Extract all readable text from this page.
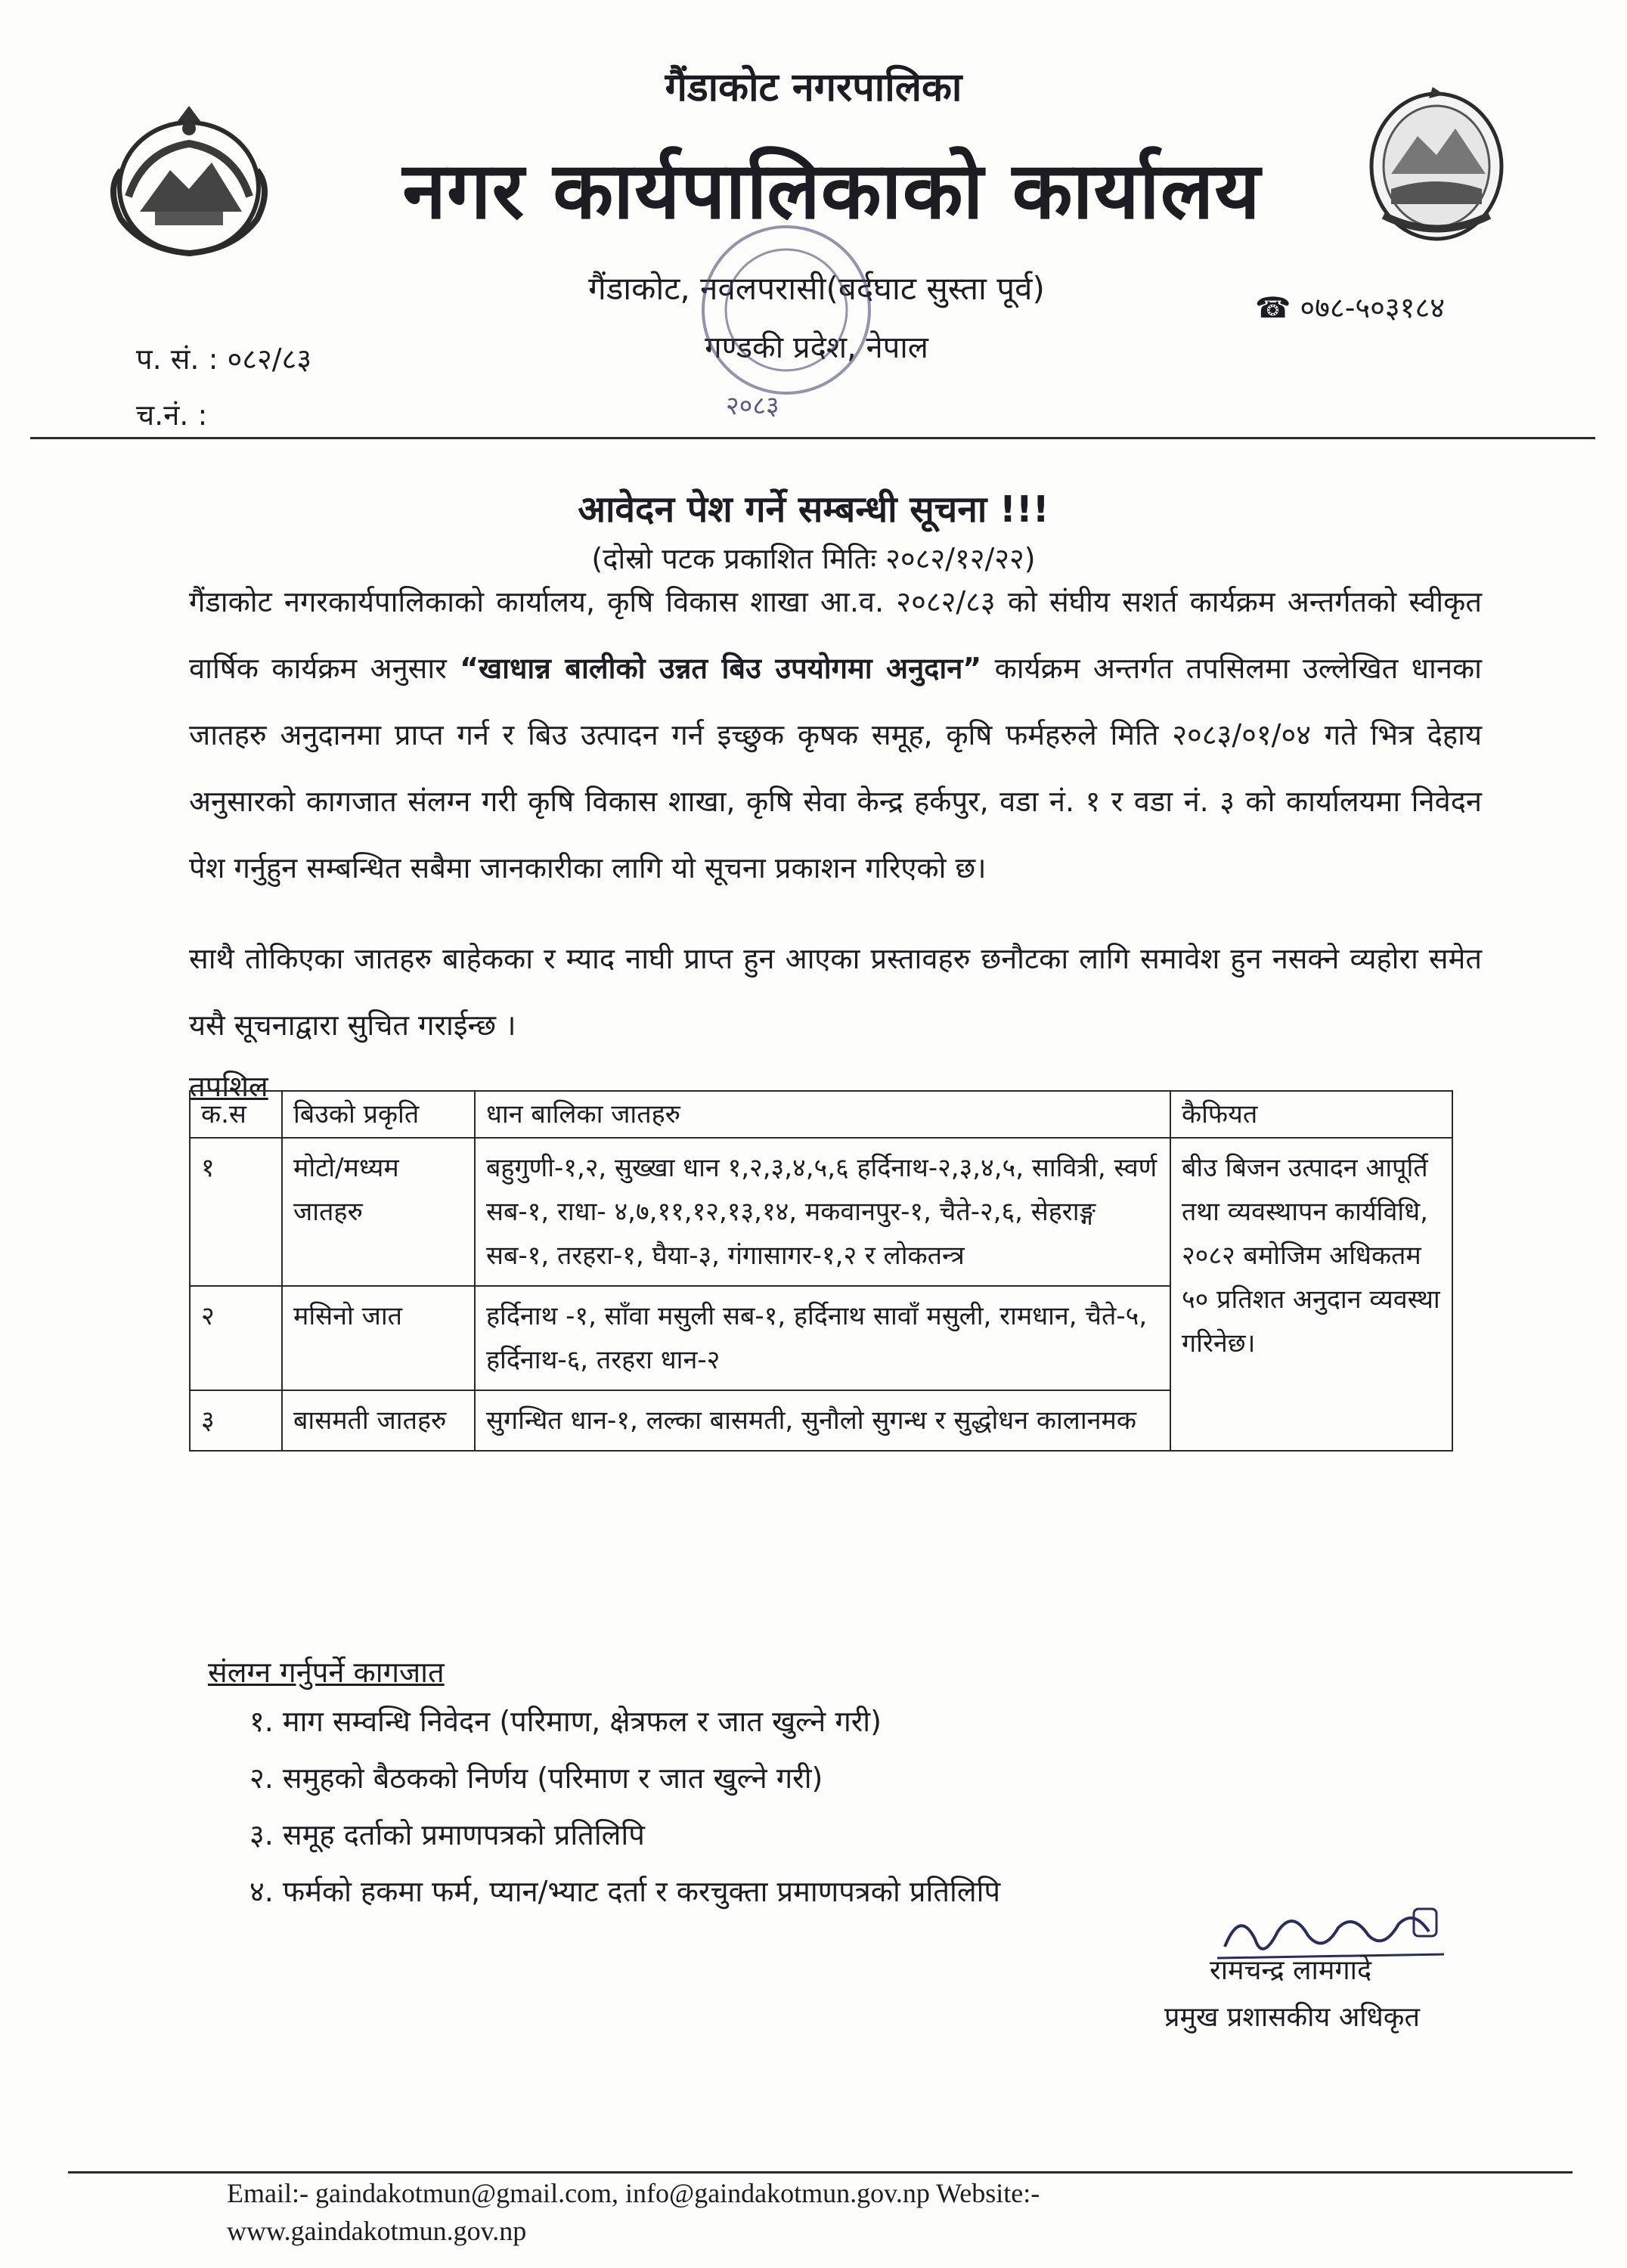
गैंडाकोट नगरपालिका
नगर कार्यपालिकाको कार्यालय
गैंडाकोट, नवलपरासी(बर्दघाट सुस्ता पूर्व)
गण्डकी प्रदेश, नेपाल
☎ ०७८-५०३१८४
प. सं. : ०८२/८३
च.नं. :	२०८३
आवेदन पेश गर्ने सम्बन्धी सूचना !!!
(दोस्रो पटक प्रकाशित मितिः २०८२/१२/२२)
गैंडाकोट नगरकार्यपालिकाको कार्यालय, कृषि विकास शाखा आ.व. २०८२/८३ को संघीय सशर्त कार्यक्रम अन्तर्गतको स्वीकृत वार्षिक कार्यक्रम अनुसार “खाधान्न बालीको उन्नत बिउ उपयोगमा अनुदान” कार्यक्रम अन्तर्गत तपसिलमा उल्लेखित धानका जातहरु अनुदानमा प्राप्त गर्न र बिउ उत्पादन गर्न इच्छुक कृषक समूह, कृषि फर्महरुले मिति २०८३/०१/०४ गते भित्र देहाय अनुसारको कागजात संलग्न गरी कृषि विकास शाखा, कृषि सेवा केन्द्र हर्कपुर, वडा नं. १ र वडा नं. ३ को कार्यालयमा निवेदन पेश गर्नुहुन सम्बन्धित सबैमा जानकारीका लागि यो सूचना प्रकाशन गरिएको छ।
साथै तोकिएका जातहरु बाहेकका र म्याद नाघी प्राप्त हुन आएका प्रस्तावहरु छनौटका लागि समावेश हुन नसक्ने व्यहोरा समेत यसै सूचनाद्वारा सुचित गराईन्छ ।
तपशिल
क.स	बिउको प्रकृति	धान बालिका जातहरु	कैफियत
१	मोटो/मध्यम जातहरु	बहुगुणी-१,२, सुख्खा धान १,२,३,४,५,६ हर्दिनाथ-२,३,४,५, सावित्री, स्वर्ण सब-१, राधा- ४,७,११,१२,१३,१४, मकवानपुर-१, चैते-२,६, सेहराङ्ग सब-१, तरहरा-१, घैया-३, गंगासागर-१,२ र लोकतन्त्र	बीउ बिजन उत्पादन आपूर्ति तथा व्यवस्थापन कार्यविधि, २०८२ बमोजिम अधिकतम ५० प्रतिशत अनुदान व्यवस्था गरिनेछ।
२	मसिनो जात	हर्दिनाथ -१, साँवा मसुली सब-१, हर्दिनाथ सावाँ मसुली, रामधान, चैते-५, हर्दिनाथ-६, तरहरा धान-२	
३	बासमती जातहरु	सुगन्धित धान-१, लल्का बासमती, सुनौलो सुगन्ध र सुद्धोधन कालानमक	
संलग्न गर्नुपर्ने कागजात
१. माग सम्वन्धि निवेदन (परिमाण, क्षेत्रफल र जात खुल्ने गरी)
२. समुहको बैठकको निर्णय (परिमाण र जात खुल्ने गरी)
३. समूह दर्ताको प्रमाणपत्रको प्रतिलिपि
४. फर्मको हकमा फर्म, प्यान/भ्याट दर्ता र करचुक्ता प्रमाणपत्रको प्रतिलिपि
रामचन्द्र लामगादे
प्रमुख प्रशासकीय अधिकृत
Email:- gaindakotmun@gmail.com, info@gaindakotmun.gov.np Website:-
www.gaindakotmun.gov.np
